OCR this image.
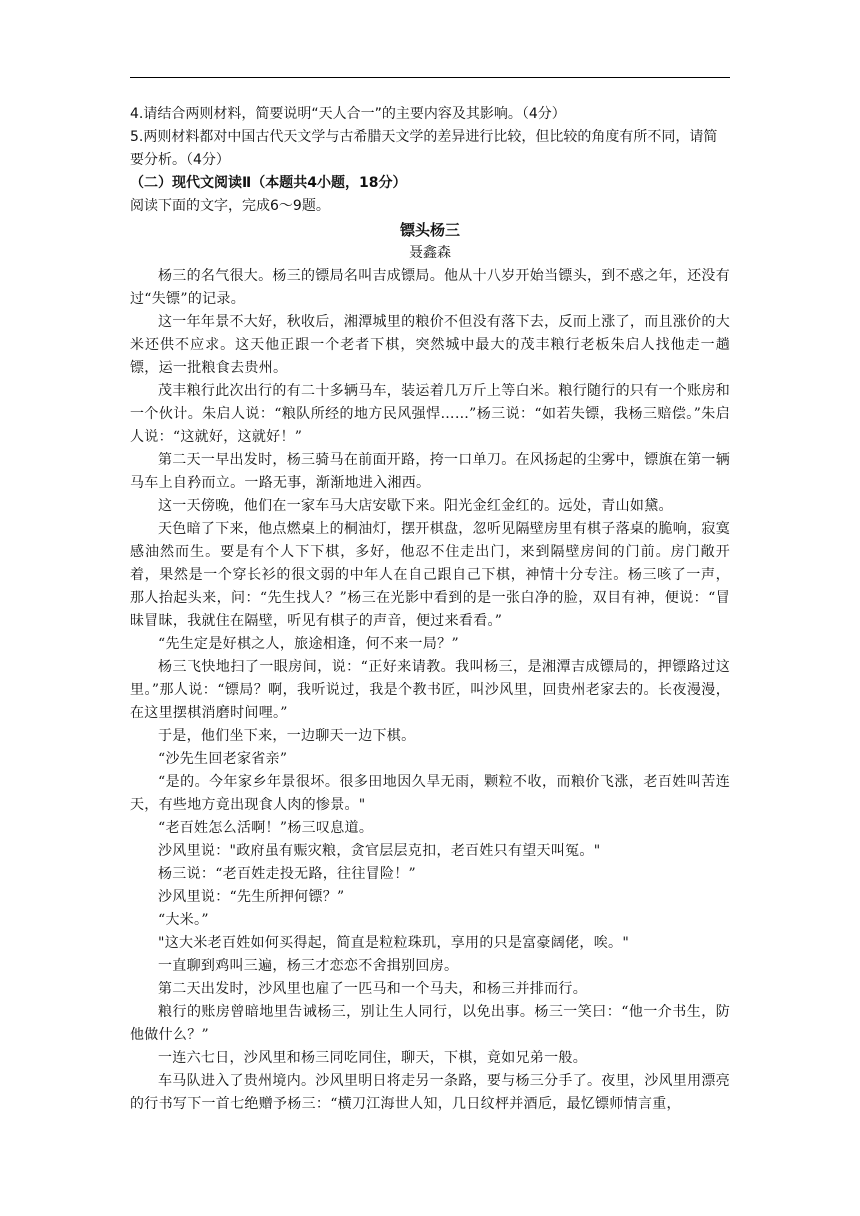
4.请结合两则材料，简要说明“天人合一”的主要内容及其影响。（4分）

5.两则材料都对中国古代天文学与古希腊天文学的差异进行比较，但比较的角度有所不同，请简要分析。（4分）

（二）现代文阅读Ⅱ（本题共4小题，18分）

阅读下面的文字，完成6～9题。

镖头杨三

聂鑫森

杨三的名气很大。杨三的镖局名叫吉成镖局。他从十八岁开始当镖头，到不惑之年，还没有过“失镖”的记录。

这一年年景不大好，秋收后，湘潭城里的粮价不但没有落下去，反而上涨了，而且涨价的大米还供不应求。这天他正跟一个老者下棋，突然城中最大的茂丰粮行老板朱启人找他走一趟镖，运一批粮食去贵州。

茂丰粮行此次出行的有二十多辆马车，装运着几万斤上等白米。粮行随行的只有一个账房和一个伙计。朱启人说：“粮队所经的地方民风强悍……”杨三说：“如若失镖，我杨三赔偿。”朱启人说：“这就好，这就好！”

第二天一早出发时，杨三骑马在前面开路，挎一口单刀。在风扬起的尘雾中，镖旗在第一辆马车上自矜而立。一路无事，渐渐地进入湘西。

这一天傍晚，他们在一家车马大店安歇下来。阳光金红金红的。远处，青山如黛。

天色暗了下来，他点燃桌上的桐油灯，摆开棋盘，忽听见隔壁房里有棋子落桌的脆响，寂寞感油然而生。要是有个人下下棋，多好，他忍不住走出门，来到隔壁房间的门前。房门敞开着，果然是一个穿长衫的很文弱的中年人在自己跟自己下棋，神情十分专注。杨三咳了一声，那人抬起头来，问：“先生找人？”杨三在光影中看到的是一张白净的脸，双目有神，便说：“冒昧冒昧，我就住在隔壁，听见有棋子的声音，便过来看看。”

“先生定是好棋之人，旅途相逢，何不来一局？”

杨三飞快地扫了一眼房间，说：“正好来请教。我叫杨三，是湘潭吉成镖局的，押镖路过这里。”那人说：“镖局？啊，我听说过，我是个教书匠，叫沙风里，回贵州老家去的。长夜漫漫，在这里摆棋消磨时间哩。”

于是，他们坐下来，一边聊天一边下棋。

“沙先生回老家省亲”

“是的。今年家乡年景很坏。很多田地因久旱无雨，颗粒不收，而粮价飞涨，老百姓叫苦连天，有些地方竟出现食人肉的惨景。"

“老百姓怎么活啊！”杨三叹息道。

沙风里说："政府虽有赈灾粮，贪官层层克扣，老百姓只有望天叫冤。"

杨三说：“老百姓走投无路，往往冒险！”

沙风里说：“先生所押何镖？”

“大米。”

"这大米老百姓如何买得起，简直是粒粒珠玑，享用的只是富豪阔佬，唉。"

一直聊到鸡叫三遍，杨三才恋恋不舍揖别回房。

第二天出发时，沙风里也雇了一匹马和一个马夫，和杨三并排而行。

粮行的账房曾暗地里告诫杨三，别让生人同行，以免出事。杨三一笑曰：“他一介书生，防他做什么？”

一连六七日，沙风里和杨三同吃同住，聊天，下棋，竟如兄弟一般。

车马队进入了贵州境内。沙风里明日将走另一条路，要与杨三分手了。夜里，沙风里用漂亮的行书写下一首七绝赠予杨三：“横刀江海世人知，几日纹枰并酒卮，最忆镖师情言重，
